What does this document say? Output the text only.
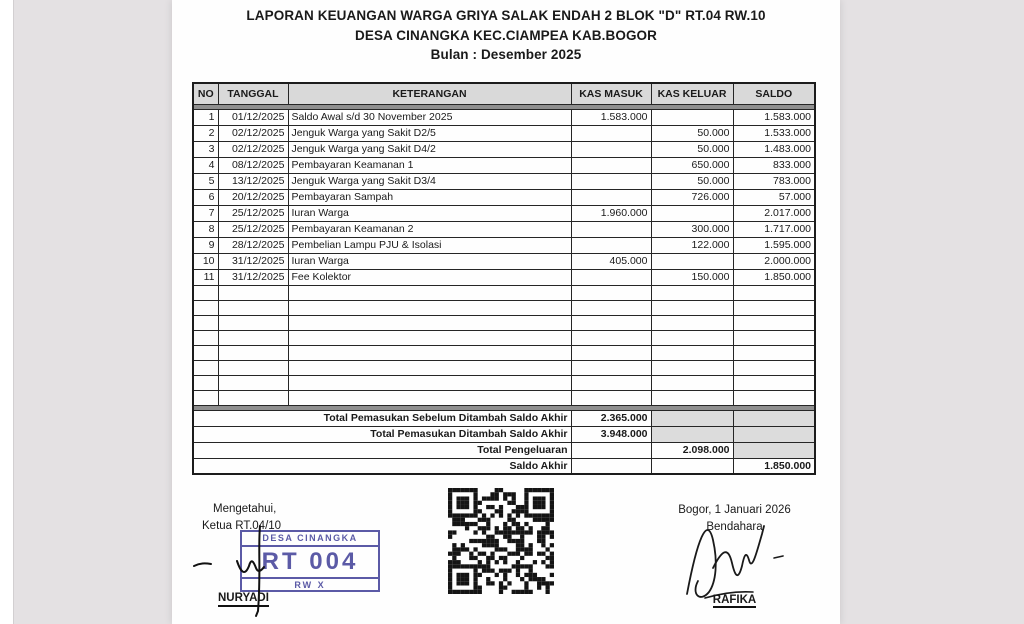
LAPORAN KEUANGAN WARGA GRIYA SALAK ENDAH 2 BLOK "D" RT.04 RW.10
DESA CINANGKA KEC.CIAMPEA KAB.BOGOR
Bulan : Desember 2025
NO	TANGGAL	KETERANGAN	KAS MASUK	KAS KELUAR	SALDO

1	01/12/2025	Saldo Awal s/d 30 November 2025	1.583.000		1.583.000
2	02/12/2025	Jenguk Warga yang Sakit D2/5		50.000	1.533.000
3	02/12/2025	Jenguk Warga yang Sakit D4/2		50.000	1.483.000
4	08/12/2025	Pembayaran Keamanan 1		650.000	833.000
5	13/12/2025	Jenguk Warga yang Sakit D3/4		50.000	783.000
6	20/12/2025	Pembayaran Sampah		726.000	57.000
7	25/12/2025	Iuran Warga	1.960.000		2.017.000
8	25/12/2025	Pembayaran Keamanan 2		300.000	1.717.000
9	28/12/2025	Pembelian Lampu PJU & Isolasi		122.000	1.595.000
10	31/12/2025	Iuran Warga	405.000		2.000.000
11	31/12/2025	Fee Kolektor		150.000	1.850.000

Total Pemasukan Sebelum Ditambah Saldo Akhir			2.365.000		
Total Pemasukan Ditambah Saldo Akhir			3.948.000		
Total Pengeluaran				2.098.000	
Saldo Akhir					1.850.000
Mengetahui,
Ketua RT.04/10
DESA CINANGKA
RT 004
RW X
NURYADI
Bogor, 1 Januari 2026
Bendahara
RAFIKA
